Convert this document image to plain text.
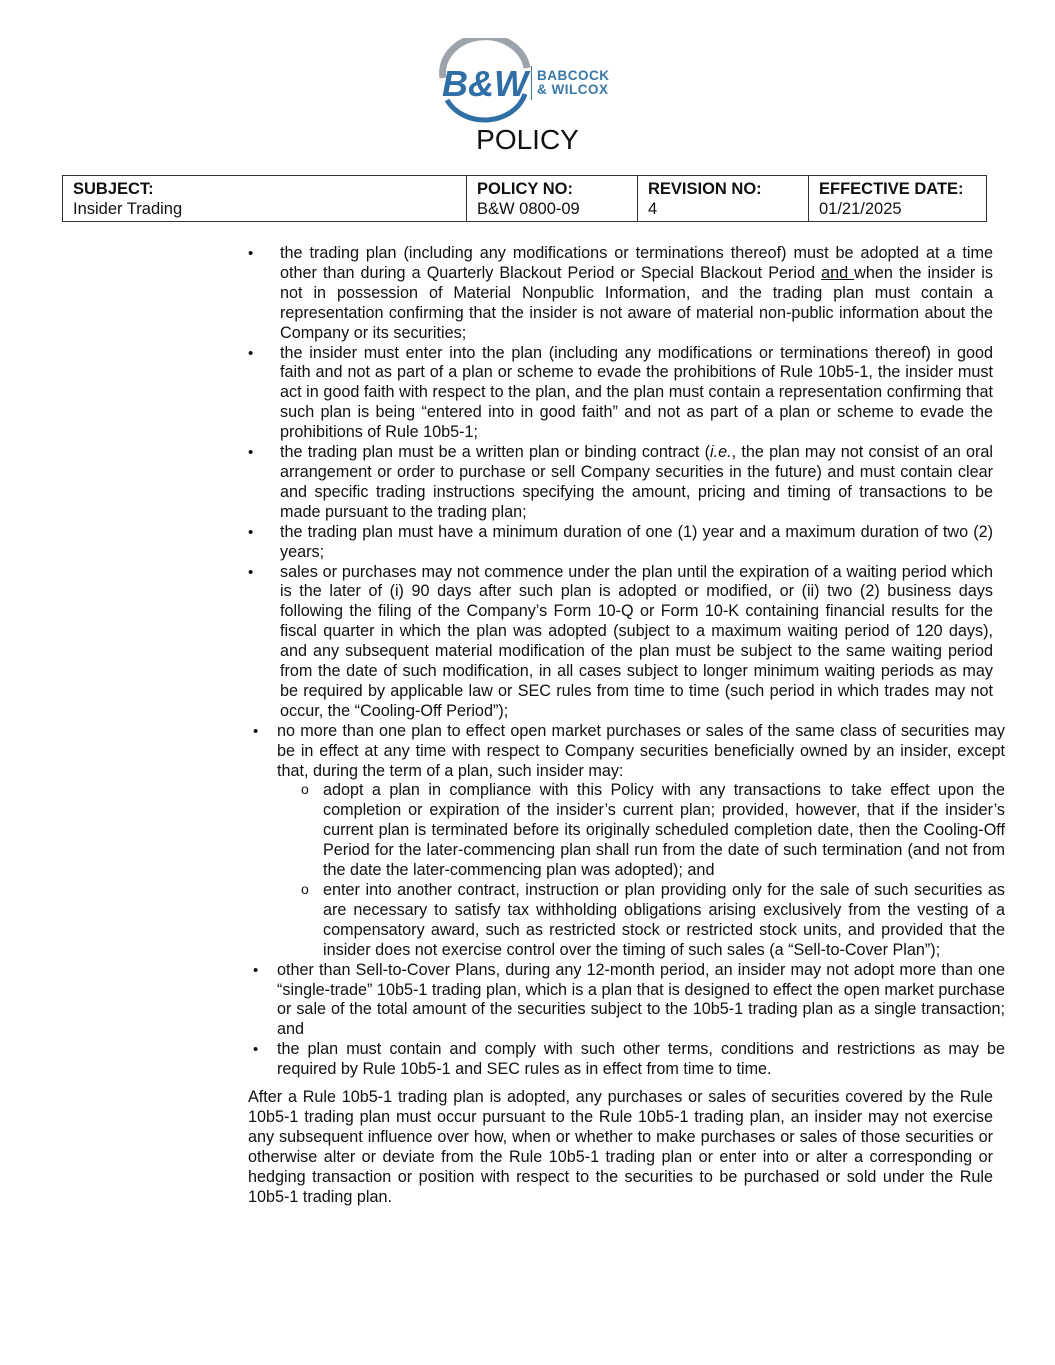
B&W BABCOCK
& WILCOX
POLICY
SUBJECT:
Insider Trading	
POLICY NO:
B&W 0800-09	
REVISION NO:
4	
EFFECTIVE DATE:
01/21/2025
• the trading plan (including any modifications or terminations thereof) must be adopted at a time other than during a Quarterly Blackout Period or Special Blackout Period and when the insider is not in possession of Material Nonpublic Information, and the trading plan must contain a representation confirming that the insider is not aware of material non-public information about the Company or its securities;
• the insider must enter into the plan (including any modifications or terminations thereof) in good faith and not as part of a plan or scheme to evade the prohibitions of Rule 10b5-1, the insider must act in good faith with respect to the plan, and the plan must contain a representation confirming that such plan is being “entered into in good faith” and not as part of a plan or scheme to evade the prohibitions of Rule 10b5-1;
• the trading plan must be a written plan or binding contract (i.e., the plan may not consist of an oral arrangement or order to purchase or sell Company securities in the future) and must contain clear and specific trading instructions specifying the amount, pricing and timing of transactions to be made pursuant to the trading plan;
• the trading plan must have a minimum duration of one (1) year and a maximum duration of two (2) years;
• sales or purchases may not commence under the plan until the expiration of a waiting period which is the later of (i) 90 days after such plan is adopted or modified, or (ii) two (2) business days following the filing of the Company’s Form 10-Q or Form 10-K containing financial results for the fiscal quarter in which the plan was adopted (subject to a maximum waiting period of 120 days), and any subsequent material modification of the plan must be subject to the same waiting period from the date of such modification, in all cases subject to longer minimum waiting periods as may be required by applicable law or SEC rules from time to time (such period in which trades may not occur, the “Cooling-Off Period”);
• no more than one plan to effect open market purchases or sales of the same class of securities may be in effect at any time with respect to Company securities beneficially owned by an insider, except that, during the term of a plan, such insider may:
o adopt a plan in compliance with this Policy with any transactions to take effect upon the completion or expiration of the insider’s current plan; provided, however, that if the insider’s current plan is terminated before its originally scheduled completion date, then the Cooling-Off Period for the later-commencing plan shall run from the date of such termination (and not from the date the later-commencing plan was adopted); and
o enter into another contract, instruction or plan providing only for the sale of such securities as are necessary to satisfy tax withholding obligations arising exclusively from the vesting of a compensatory award, such as restricted stock or restricted stock units, and provided that the insider does not exercise control over the timing of such sales (a “Sell-to-Cover Plan”);
• other than Sell-to-Cover Plans, during any 12-month period, an insider may not adopt more than one “single-trade” 10b5-1 trading plan, which is a plan that is designed to effect the open market purchase or sale of the total amount of the securities subject to the 10b5-1 trading plan as a single transaction; and
• the plan must contain and comply with such other terms, conditions and restrictions as may be required by Rule 10b5-1 and SEC rules as in effect from time to time.

After a Rule 10b5-1 trading plan is adopted, any purchases or sales of securities covered by the Rule 10b5-1 trading plan must occur pursuant to the Rule 10b5-1 trading plan, an insider may not exercise any subsequent influence over how, when or whether to make purchases or sales of those securities or otherwise alter or deviate from the Rule 10b5-1 trading plan or enter into or alter a corresponding or hedging transaction or position with respect to the securities to be purchased or sold under the Rule 10b5-1 trading plan.
